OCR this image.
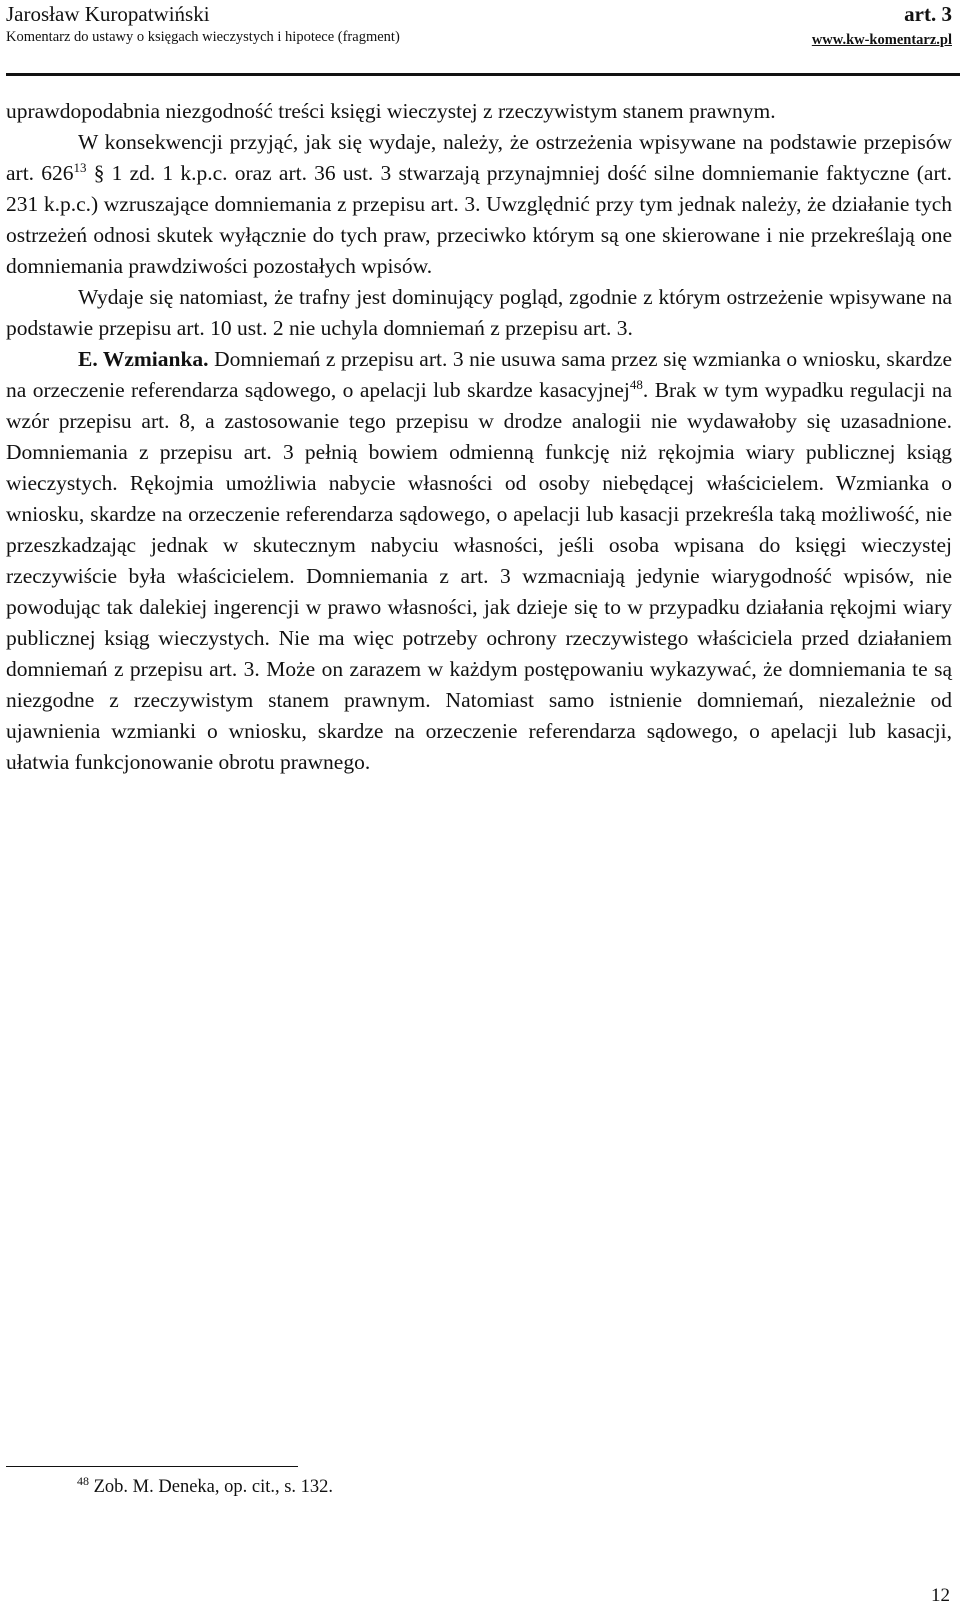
Jarosław Kuropatwiński
Komentarz do ustawy o księgach wieczystych i hipotece (fragment)
art. 3
www.kw-komentarz.pl

uprawdopodabnia niezgodność treści księgi wieczystej z rzeczywistym stanem prawnym.

W konsekwencji przyjąć, jak się wydaje, należy, że ostrzeżenia wpisywane na podstawie przepisów art. $626^{13}$ § 1 zd. 1 k.p.c. oraz art. 36 ust. 3 stwarzają przynajmniej dość silne domniemanie faktyczne (art. 231 k.p.c.) wzruszające domniemania z przepisu art. 3. Uwzględnić przy tym jednak należy, że działanie tych ostrzeżeń odnosi skutek wyłącznie do tych praw, przeciwko którym są one skierowane i nie przekreślają one domniemania prawdziwości pozostałych wpisów.

Wydaje się natomiast, że trafny jest dominujący pogląd, zgodnie z którym ostrzeżenie wpisywane na podstawie przepisu art. 10 ust. 2 nie uchyla domniemań z przepisu art. 3.

E. Wzmianka. Domniemań z przepisu art. 3 nie usuwa sama przez się wzmianka o wniosku, skardze na orzeczenie referendarza sądowego, o apelacji lub skardze kasacyjnej$^{48}$. Brak w tym wypadku regulacji na wzór przepisu art. 8, a zastosowanie tego przepisu w drodze analogii nie wydawałoby się uzasadnione. Domniemania z przepisu art. 3 pełnią bowiem odmienną funkcję niż rękojmia wiary publicznej ksiąg wieczystych. Rękojmia umożliwia nabycie własności od osoby niebędącej właścicielem. Wzmianka o wniosku, skardze na orzeczenie referendarza sądowego, o apelacji lub kasacji przekreśla taką możliwość, nie przeszkadzając jednak w skutecznym nabyciu własności, jeśli osoba wpisana do księgi wieczystej rzeczywiście była właścicielem. Domniemania z art. 3 wzmacniają jedynie wiarygodność wpisów, nie powodując tak dalekiej ingerencji w prawo własności, jak dzieje się to w przypadku działania rękojmi wiary publicznej ksiąg wieczystych. Nie ma więc potrzeby ochrony rzeczywistego właściciela przed działaniem domniemań z przepisu art. 3. Może on zarazem w każdym postępowaniu wykazywać, że domniemania te są niezgodne z rzeczywistym stanem prawnym. Natomiast samo istnienie domniemań, niezależnie od ujawnienia wzmianki o wniosku, skardze na orzeczenie referendarza sądowego, o apelacji lub kasacji, ułatwia funkcjonowanie obrotu prawnego.

$^{48}$ Zob. M. Deneka, op. cit., s. 132.
12
